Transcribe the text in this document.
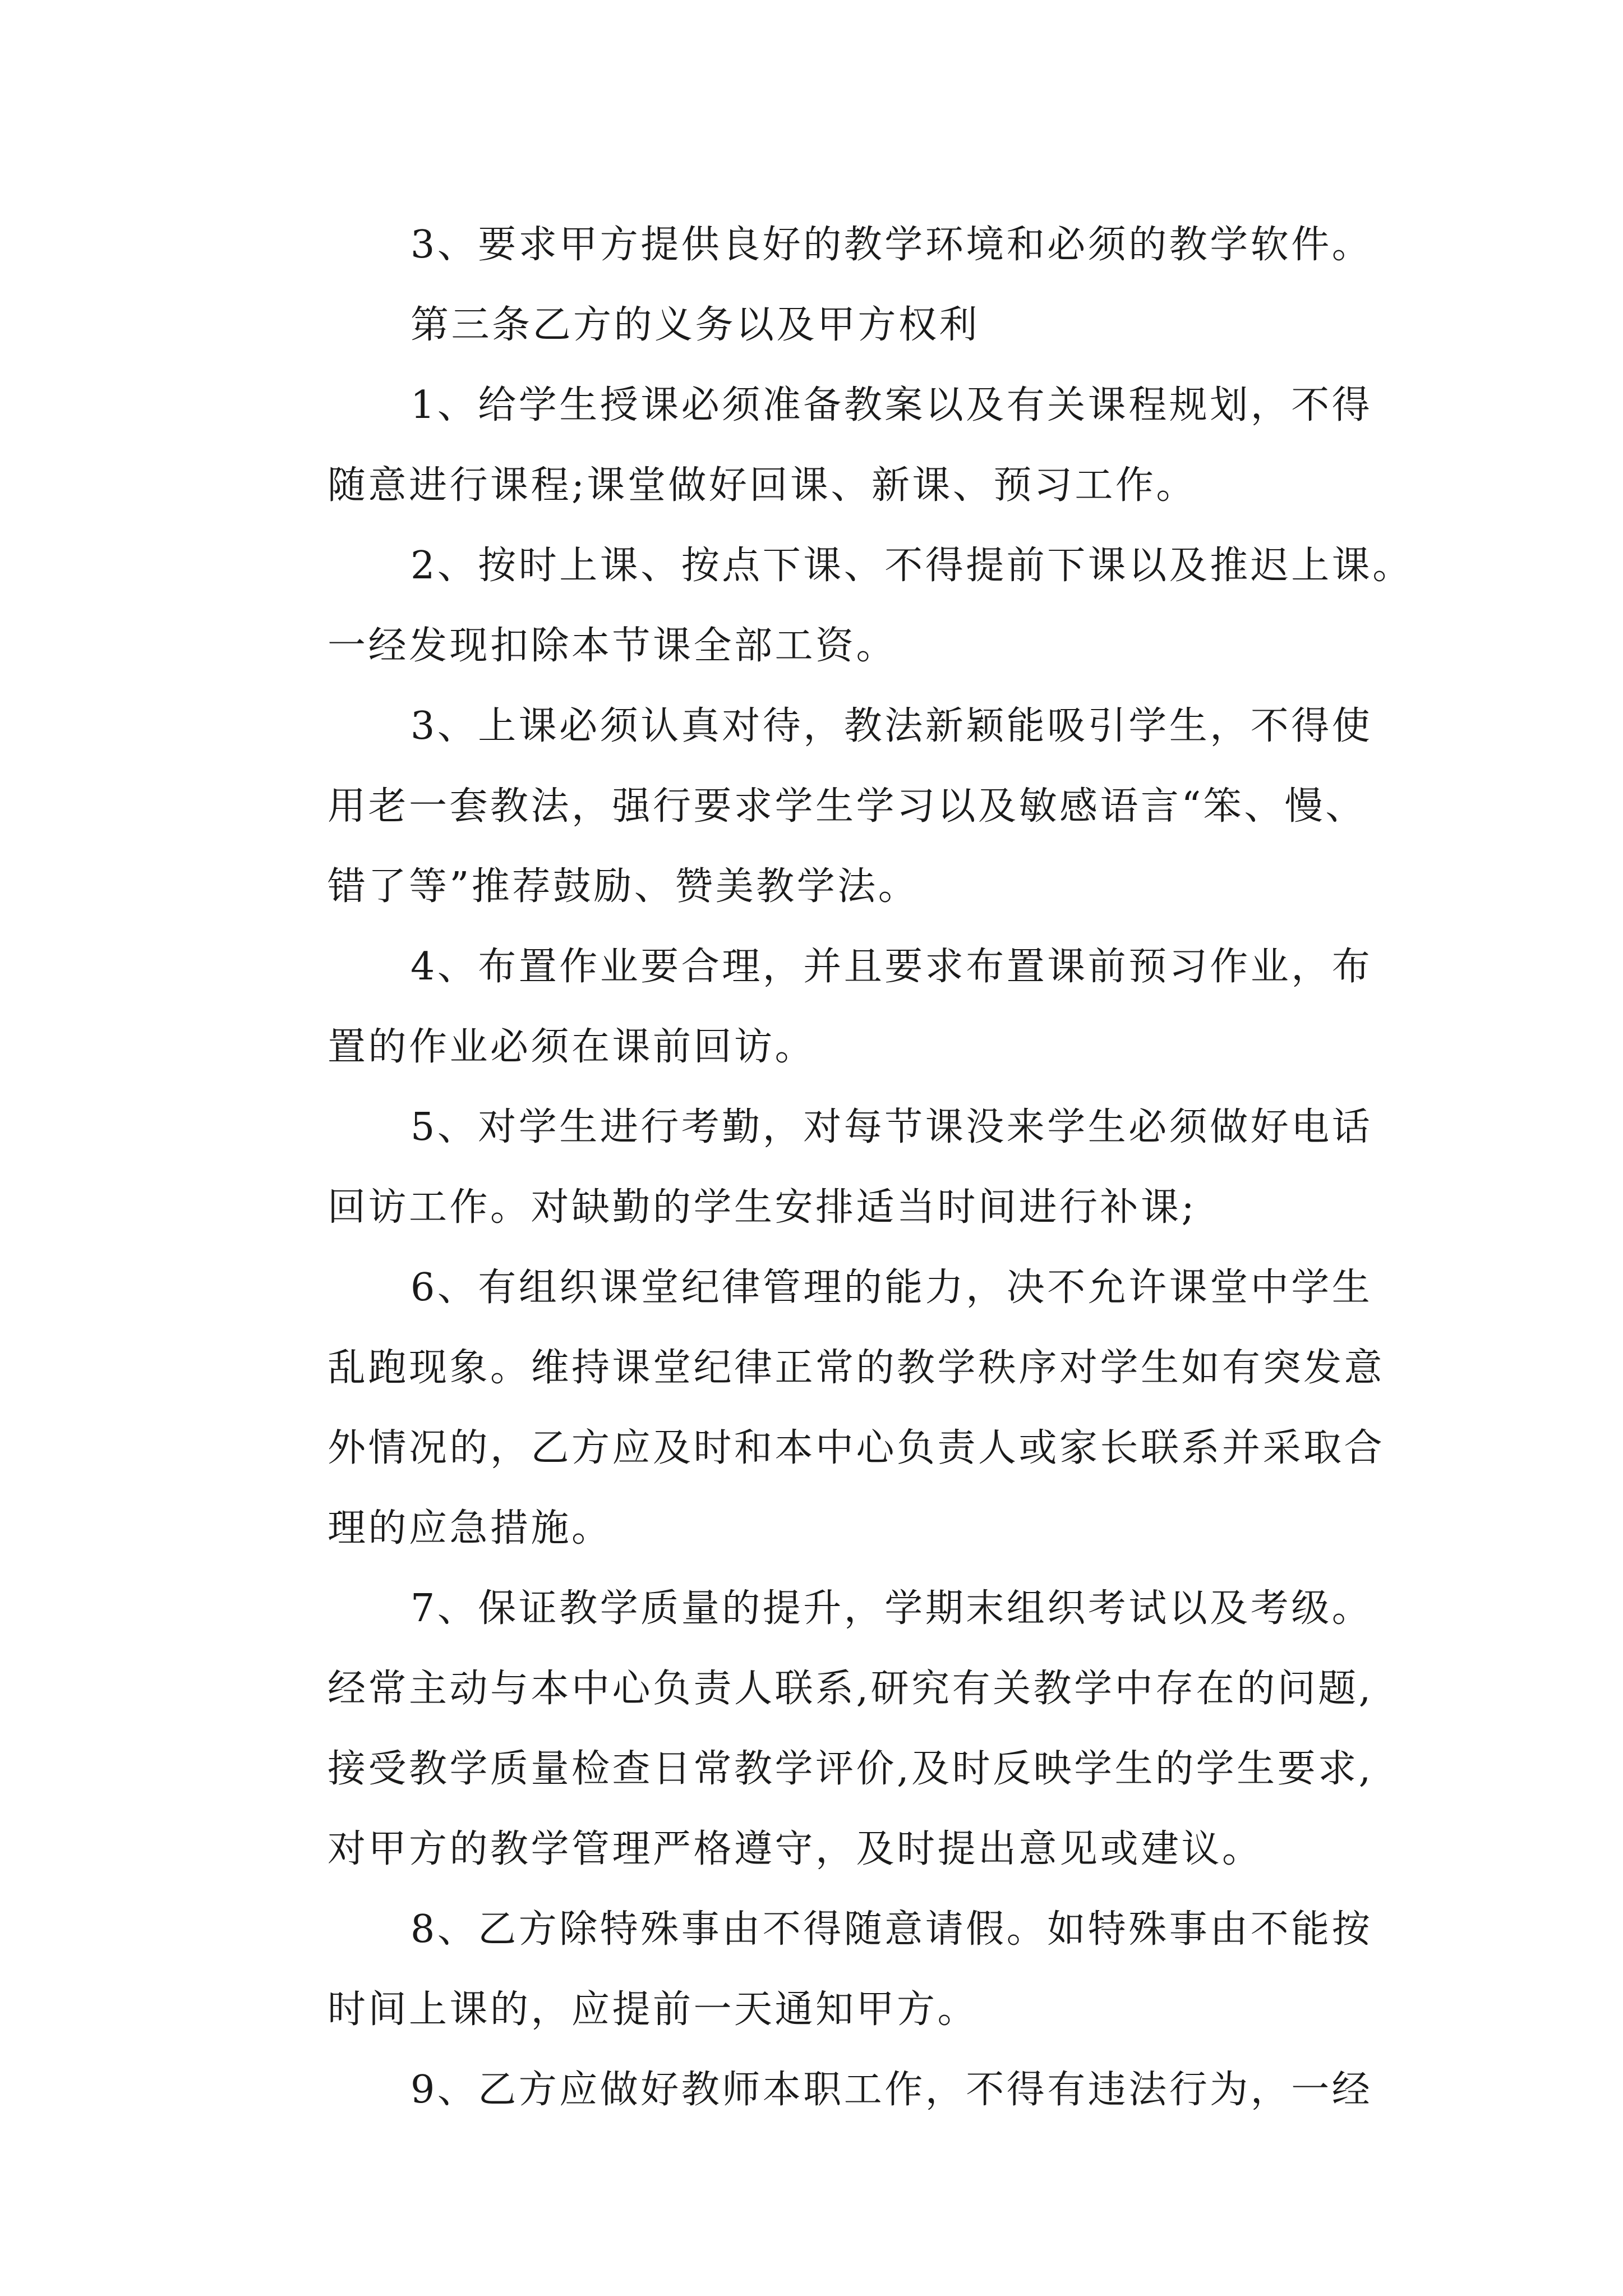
3、要求甲方提供良好的教学环境和必须的教学软件。
第三条乙方的义务以及甲方权利
1、给学生授课必须准备教案以及有关课程规划，不得
随意进行课程;课堂做好回课、新课、预习工作。
2、按时上课、按点下课、不得提前下课以及推迟上课。
一经发现扣除本节课全部工资。
3、上课必须认真对待，教法新颖能吸引学生，不得使
用老一套教法，强行要求学生学习以及敏感语言“笨、慢、
错了等”推荐鼓励、赞美教学法。
4、布置作业要合理，并且要求布置课前预习作业，布
置的作业必须在课前回访。
5、对学生进行考勤，对每节课没来学生必须做好电话
回访工作。对缺勤的学生安排适当时间进行补课;
6、有组织课堂纪律管理的能力，决不允许课堂中学生
乱跑现象。维持课堂纪律正常的教学秩序对学生如有突发意
外情况的，乙方应及时和本中心负责人或家长联系并采取合
理的应急措施。
7、保证教学质量的提升，学期末组织考试以及考级。
经常主动与本中心负责人联系,研究有关教学中存在的问题,
接受教学质量检查日常教学评价,及时反映学生的学生要求,
对甲方的教学管理严格遵守，及时提出意见或建议。
8、乙方除特殊事由不得随意请假。如特殊事由不能按
时间上课的，应提前一天通知甲方。
9、乙方应做好教师本职工作，不得有违法行为，一经
